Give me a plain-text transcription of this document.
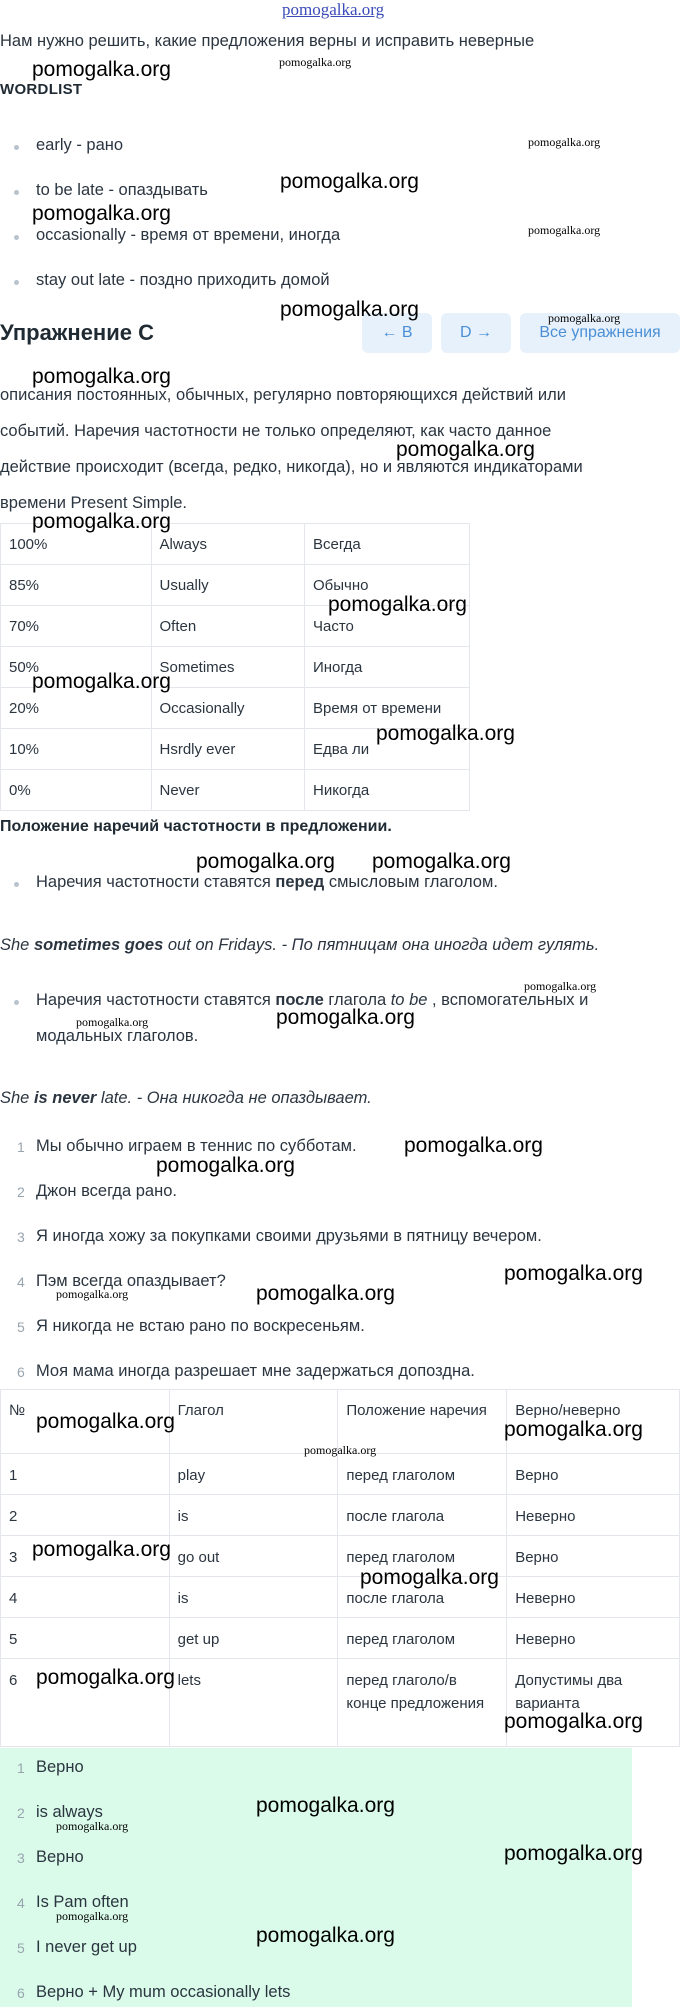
pomogalka.org
Нам нужно решить, какие предложения верны и исправить неверные
WORDLIST
early - рано
to be late - опаздывать
occasionally - время от времени, иногда
stay out late - поздно приходить домой
Упражнение C	← B	D →	Все упражнения
описания постоянных, обычных, регулярно повторяющихся действий или
событий. Наречия частотности не только определяют, как часто данное
действие происходит (всегда, редко, никогда), но и являются индикаторами
времени Present Simple.
100%	Always	Всегда
85%	Usually	Обычно
70%	Often	Часто
50%	Sometimes	Иногда
20%	Occasionally	Время от времени
10%	Hsrdly ever	Едва ли
0%	Never	Никогда
Положение наречий частотности в предложении.
Наречия частотности ставятся перед смысловым глаголом.
She sometimes goes out on Fridays. - По пятницам она иногда идет гулять.
Наречия частотности ставятся после глагола to be , вспомогательных и
модальных глаголов.
She is never late. - Она никогда не опаздывает.
1 Мы обычно играем в теннис по субботам.
2 Джон всегда рано.
3 Я иногда хожу за покупками своими друзьями в пятницу вечером.
4 Пэм всегда опаздывает?
5 Я никогда не встаю рано по воскресеньям.
6 Моя мама иногда разрешает мне задержаться допоздна.
№	Глагол	Положение наречия	Верно/неверно
1	play	перед глаголом	Верно
2	is	после глагола	Неверно
3	go out	перед глаголом	Верно
4	is	после глагола	Неверно
5	get up	перед глаголом	Неверно
6	lets	перед глаголо/в конце предложения	Допустимы два варианта
1 Верно
2 is always
3 Верно
4 Is Pam often
5 I never get up
6 Верно + My mum occasionally lets
pomogalka.org	pomogalka.org
pomogalka.org
pomogalka.org
pomogalka.org
pomogalka.org
pomogalka.org	pomogalka.org
pomogalka.org
pomogalka.org
pomogalka.org
pomogalka.org
pomogalka.org
pomogalka.org
pomogalka.org pomogalka.org
pomogalka.org
pomogalka.org
pomogalka.org
pomogalka.org
pomogalka.org
pomogalka.org
pomogalka.org
pomogalka.org
pomogalka.org	pomogalka.org
pomogalka.org
pomogalka.org
pomogalka.org
pomogalka.org
pomogalka.org
pomogalka.org
pomogalka.org
pomogalka.org
pomogalka.org
pomogalka.org
